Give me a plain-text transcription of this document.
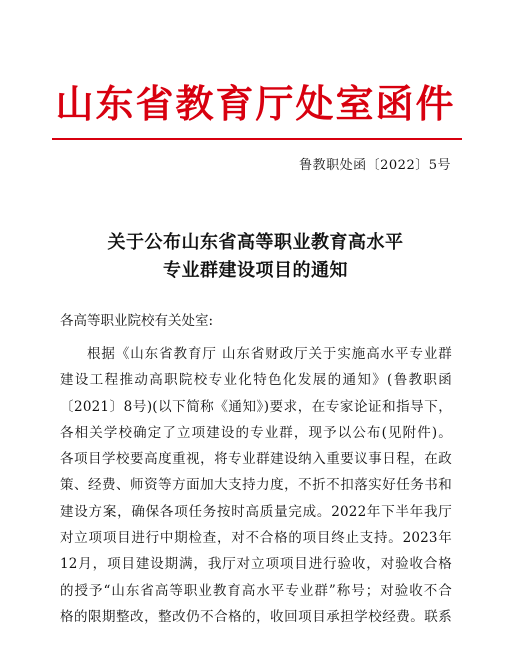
山东省教育厅处室函件
鲁教职处函〔2022〕5号
关于公布山东省高等职业教育高水平
专业群建设项目的通知
各高等职业院校有关处室:
根据《山东省教育厅 山东省财政厅关于实施高水平专业群
建设工程推动高职院校专业化特色化发展的通知》(鲁教职函
〔2021〕8号)(以下简称《通知》)要求，在专家论证和指导下，
各相关学校确定了立项建设的专业群，现予以公布(见附件)。
各项目学校要高度重视，将专业群建设纳入重要议事日程，在政
策、经费、师资等方面加大支持力度，不折不扣落实好任务书和
建设方案，确保各项任务按时高质量完成。2022年下半年我厅
对立项项目进行中期检查，对不合格的项目终止支持。2023年
12月，项目建设期满，我厅对立项项目进行验收，对验收合格
的授予“山东省高等职业教育高水平专业群”称号；对验收不合
格的限期整改，整改仍不合格的，收回项目承担学校经费。联系
